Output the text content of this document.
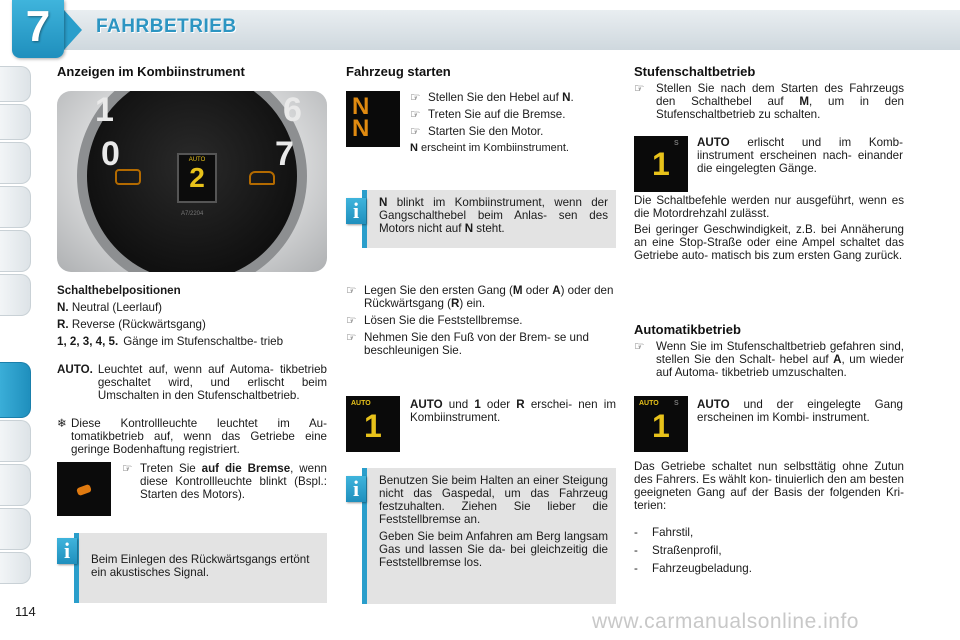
7	FAHRBETRIEB
Anzeigen im Kombiinstrument
1	6
0	7
AUTO
2
A7/2204
Schalthebelpositionen
N. Neutral (Leerlauf)
R. Reverse (Rückwärtsgang)
1, 2, 3, 4, 5. Gänge im Stufenschaltbe- trieb
AUTO. Leuchtet auf, wenn auf Automa- tikbetrieb geschaltet wird, und erlischt beim Umschalten in den Stufenschaltbetrieb.
❄ Diese Kontrollleuchte leuchtet im Au- tomatikbetrieb auf, wenn das Getriebe eine geringe Bodenhaftung registriert.
☞ Treten Sie auf die Bremse, wenn diese Kontrollleuchte blinkt (Bspl.: Starten des Motors).
Beim Einlegen des Rückwärtsgangs ertönt ein akustisches Signal.
i
Fahrzeug starten
N
N
☞ Stellen Sie den Hebel auf N.
☞ Treten Sie auf die Bremse.
☞ Starten Sie den Motor.
N erscheint im Kombiinstrument.
N blinkt im Kombiinstrument, wenn der Gangschalthebel beim Anlas- sen des Motors nicht auf N steht.
i
☞ Legen Sie den ersten Gang (M oder A) oder den Rückwärtsgang (R) ein.
☞ Lösen Sie die Feststellbremse.
☞ Nehmen Sie den Fuß von der Brem- se und beschleunigen Sie.
AUTO
1
AUTO und 1 oder R erschei- nen im Kombiinstrument.
Benutzen Sie beim Halten an einer Steigung nicht das Gaspedal, um das Fahrzeug festzuhalten. Ziehen Sie lieber die Feststellbremse an.
Geben Sie beim Anfahren am Berg langsam Gas und lassen Sie da- bei gleichzeitig die Feststellbremse los.
i
Stufenschaltbetrieb
☞ Stellen Sie nach dem Starten des Fahrzeugs den Schalthebel auf M, um in den Stufenschaltbetrieb zu schalten.
1
S AUTO erlischt und im Komb- iinstrument erscheinen nach- einander die eingelegten Gänge.
Die Schaltbefehle werden nur ausgeführt, wenn es die Motordrehzahl zulässt.
Bei geringer Geschwindigkeit, z.B. bei Annäherung an eine Stop-Straße oder eine Ampel schaltet das Getriebe auto- matisch bis zum ersten Gang zurück.
Automatikbetrieb
☞ Wenn Sie im Stufenschaltbetrieb gefahren sind, stellen Sie den Schalt- hebel auf A, um wieder auf Automa- tikbetrieb umzuschalten.
AUTO
1
S AUTO und der eingelegte Gang erscheinen im Kombi- instrument.
Das Getriebe schaltet nun selbsttätig ohne Zutun des Fahrers. Es wählt kon- tinuierlich den am besten geeigneten Gang auf der Basis der folgenden Kri- terien:
-	Fahrstil,
-	Straßenprofil,
-	Fahrzeugbeladung.
114	www.carmanualsonline.info
